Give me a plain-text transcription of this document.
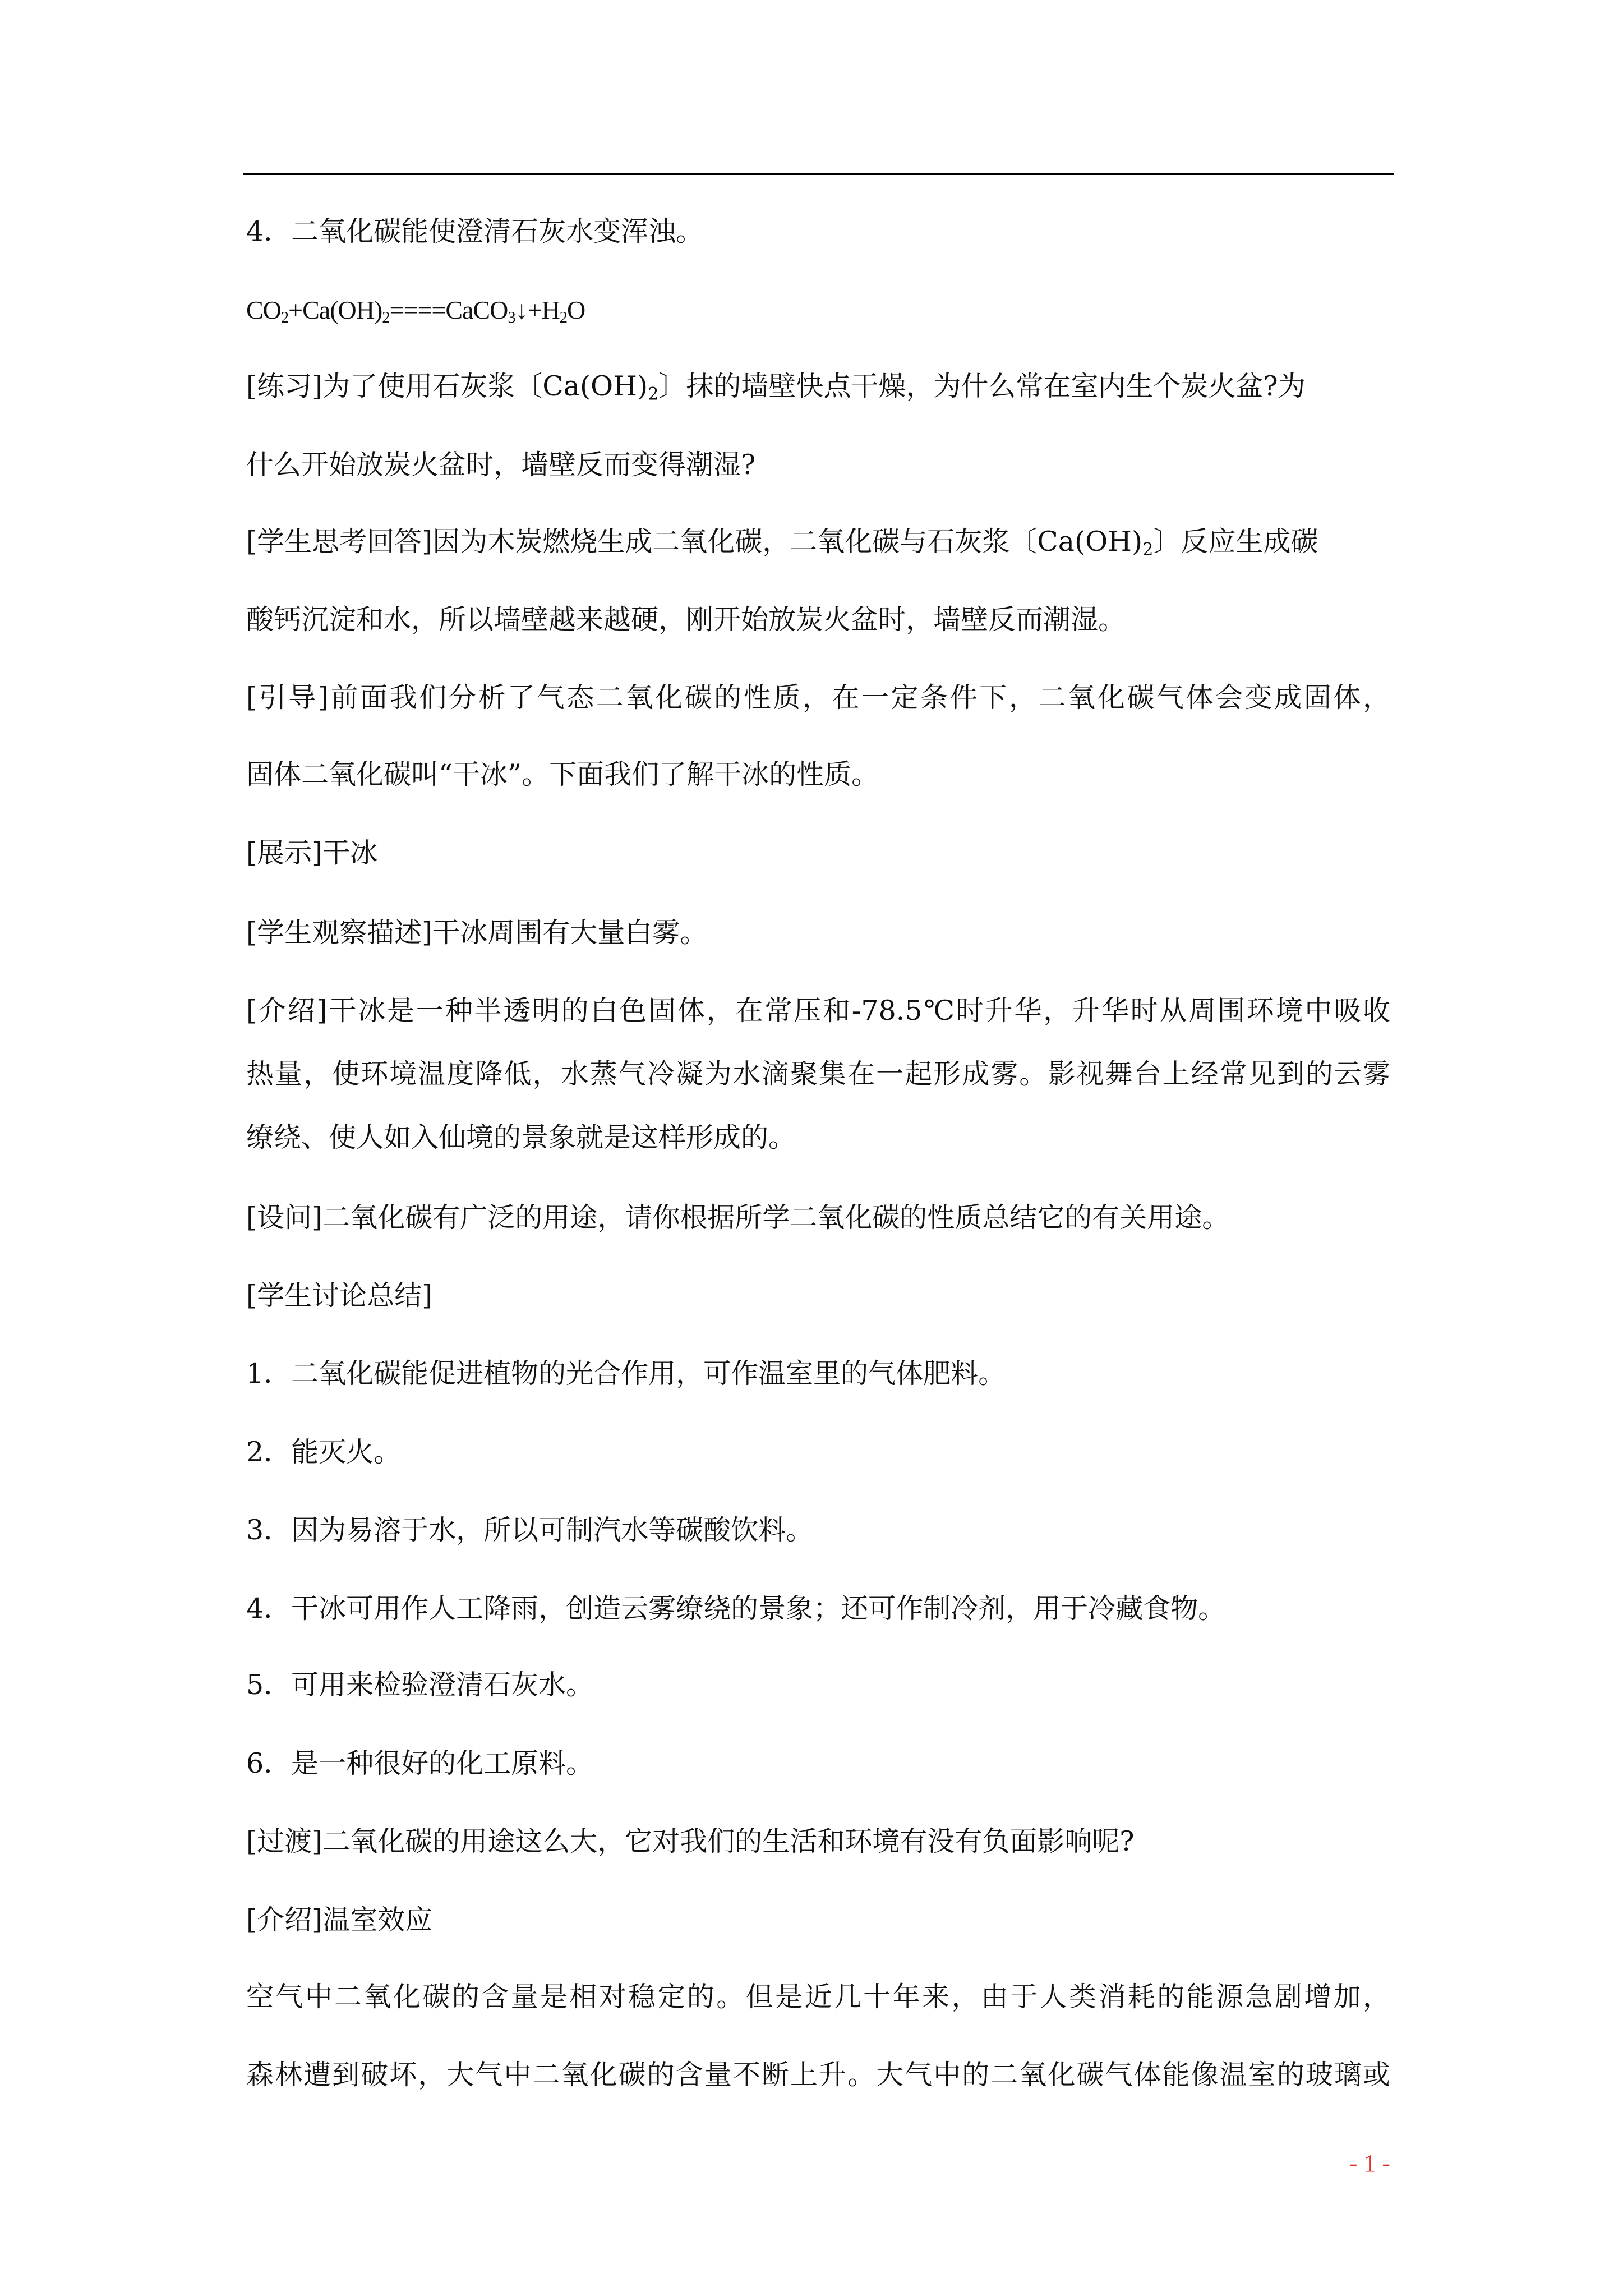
4．二氧化碳能使澄清石灰水变浑浊。
$CO_2+Ca(OH)_2====CaCO_3↓+H_2O$
[练习]为了使用石灰浆〔$Ca(OH)_2$〕抹的墙壁快点干燥，为什么常在室内生个炭火盆?为
什么开始放炭火盆时，墙壁反而变得潮湿?
[学生思考回答]因为木炭燃烧生成二氧化碳，二氧化碳与石灰浆〔$Ca(OH)_2$〕反应生成碳
酸钙沉淀和水，所以墙壁越来越硬，刚开始放炭火盆时，墙壁反而潮湿。
[引导]前面我们分析了气态二氧化碳的性质，在一定条件下，二氧化碳气体会变成固体，
固体二氧化碳叫“干冰”。下面我们了解干冰的性质。
[展示]干冰
[学生观察描述]干冰周围有大量白雾。
[介绍]干冰是一种半透明的白色固体，在常压和-78.5℃时升华，升华时从周围环境中吸收
热量，使环境温度降低，水蒸气冷凝为水滴聚集在一起形成雾。影视舞台上经常见到的云雾
缭绕、使人如入仙境的景象就是这样形成的。
[设问]二氧化碳有广泛的用途，请你根据所学二氧化碳的性质总结它的有关用途。
[学生讨论总结]
1．二氧化碳能促进植物的光合作用，可作温室里的气体肥料。
2．能灭火。
3．因为易溶于水，所以可制汽水等碳酸饮料。
4．干冰可用作人工降雨，创造云雾缭绕的景象；还可作制冷剂，用于冷藏食物。
5．可用来检验澄清石灰水。
6．是一种很好的化工原料。
[过渡]二氧化碳的用途这么大，它对我们的生活和环境有没有负面影响呢?
[介绍]温室效应
空气中二氧化碳的含量是相对稳定的。但是近几十年来，由于人类消耗的能源急剧增加，
森林遭到破坏，大气中二氧化碳的含量不断上升。大气中的二氧化碳气体能像温室的玻璃或
- 1 -
